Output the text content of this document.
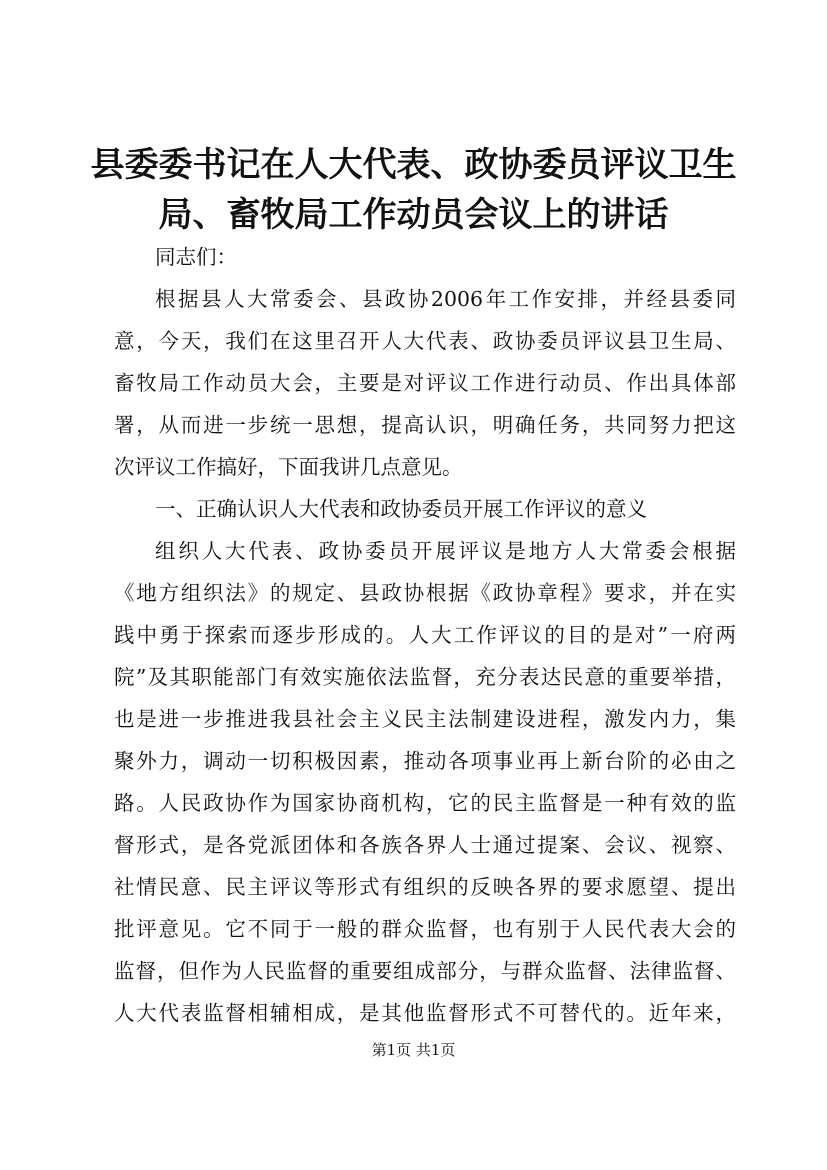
县委委书记在人大代表、政协委员评议卫生
局、畜牧局工作动员会议上的讲话
同志们：
根据县人大常委会、县政协2006年工作安排，并经县委同
意，今天，我们在这里召开人大代表、政协委员评议县卫生局、
畜牧局工作动员大会，主要是对评议工作进行动员、作出具体部
署，从而进一步统一思想，提高认识，明确任务，共同努力把这
次评议工作搞好，下面我讲几点意见。
一、正确认识人大代表和政协委员开展工作评议的意义
组织人大代表、政协委员开展评议是地方人大常委会根据
《地方组织法》的规定、县政协根据《政协章程》要求，并在实
践中勇于探索而逐步形成的。人大工作评议的目的是对”一府两
院”及其职能部门有效实施依法监督，充分表达民意的重要举措，
也是进一步推进我县社会主义民主法制建设进程，激发内力，集
聚外力，调动一切积极因素，推动各项事业再上新台阶的必由之
路。人民政协作为国家协商机构，它的民主监督是一种有效的监
督形式，是各党派团体和各族各界人士通过提案、会议、视察、
社情民意、民主评议等形式有组织的反映各界的要求愿望、提出
批评意见。它不同于一般的群众监督，也有别于人民代表大会的
监督，但作为人民监督的重要组成部分，与群众监督、法律监督、
人大代表监督相辅相成，是其他监督形式不可替代的。近年来，
第1页 共1页
